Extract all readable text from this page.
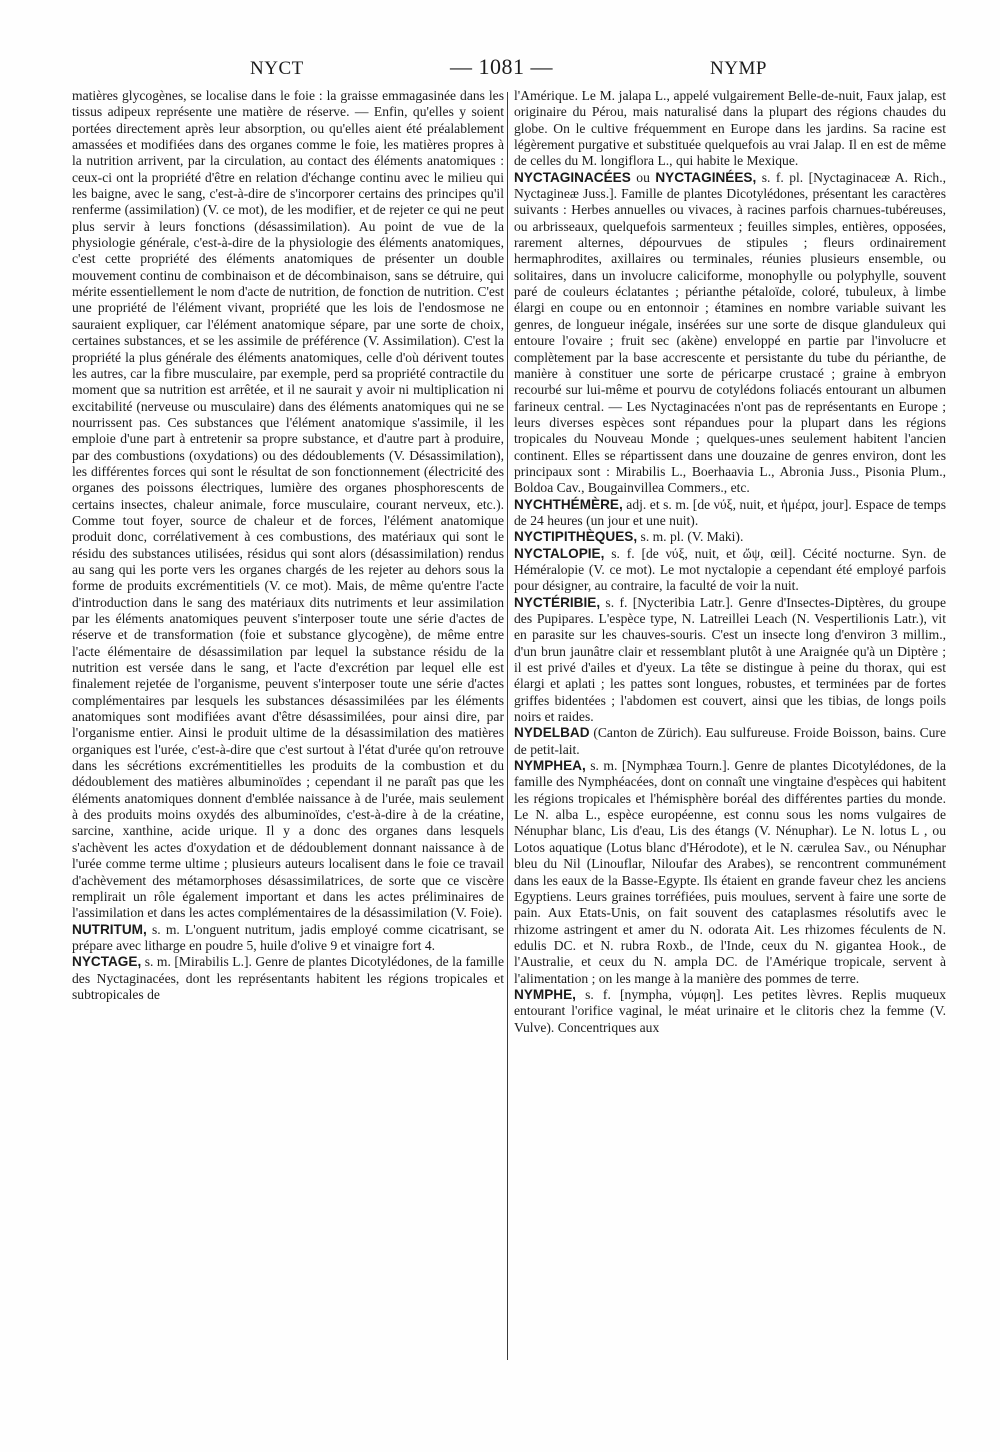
NYCT	— 1081 —	NYMP

matières glycogènes, se localise dans le foie : la graisse emmagasinée dans les tissus adipeux représente une matière de réserve. — Enfin, qu'elles y soient portées directement après leur absorption, ou qu'elles aient été préalablement amassées et modifiées dans des organes comme le foie, les matières propres à la nutrition arrivent, par la circulation, au contact des éléments anatomiques : ceux-ci ont la propriété d'être en relation d'échange continu avec le milieu qui les baigne, avec le sang, c'est-à-dire de s'incorporer certains des principes qu'il renferme (assimilation) (V. ce mot), de les modifier, et de rejeter ce qui ne peut plus servir à leurs fonctions (désassimilation). Au point de vue de la physiologie générale, c'est-à-dire de la physiologie des éléments anatomiques, c'est cette propriété des éléments anatomiques de présenter un double mouvement continu de combinaison et de décombinaison, sans se détruire, qui mérite essentiellement le nom d'acte de nutrition, de fonction de nutrition. C'est une propriété de l'élément vivant, propriété que les lois de l'endosmose ne sauraient expliquer, car l'élément anatomique sépare, par une sorte de choix, certaines substances, et se les assimile de préférence (V. Assimilation). C'est la propriété la plus générale des éléments anatomiques, celle d'où dérivent toutes les autres, car la fibre musculaire, par exemple, perd sa propriété contractile du moment que sa nutrition est arrêtée, et il ne saurait y avoir ni multiplication ni excitabilité (nerveuse ou musculaire) dans des éléments anatomiques qui ne se nourrissent pas. Ces substances que l'élément anatomique s'assimile, il les emploie d'une part à entretenir sa propre substance, et d'autre part à produire, par des combustions (oxydations) ou des dédoublements (V. Désassimilation), les différentes forces qui sont le résultat de son fonctionnement (électricité des organes des poissons électriques, lumière des organes phosphorescents de certains insectes, chaleur animale, force musculaire, courant nerveux, etc.). Comme tout foyer, source de chaleur et de forces, l'élément anatomique produit donc, corrélativement à ces combustions, des matériaux qui sont le résidu des substances utilisées, résidus qui sont alors (désassimilation) rendus au sang qui les porte vers les organes chargés de les rejeter au dehors sous la forme de produits excrémentitiels (V. ce mot). Mais, de même qu'entre l'acte d'introduction dans le sang des matériaux dits nutriments et leur assimilation par les éléments anatomiques peuvent s'interposer toute une série d'actes de réserve et de transformation (foie et substance glycogène), de même entre l'acte élémentaire de désassimilation par lequel la substance résidu de la nutrition est versée dans le sang, et l'acte d'excrétion par lequel elle est finalement rejetée de l'organisme, peuvent s'interposer toute une série d'actes complémentaires par lesquels les substances désassimilées par les éléments anatomiques sont modifiées avant d'être désassimilées, pour ainsi dire, par l'organisme entier. Ainsi le produit ultime de la désassimilation des matières organiques est l'urée, c'est-à-dire que c'est surtout à l'état d'urée qu'on retrouve dans les sécrétions excrémentitielles les produits de la combustion et du dédoublement des matières albuminoïdes ; cependant il ne paraît pas que les éléments anatomiques donnent d'emblée naissance à de l'urée, mais seulement à des produits moins oxydés des albuminoïdes, c'est-à-dire à de la créatine, sarcine, xanthine, acide urique. Il y a donc des organes dans lesquels s'achèvent les actes d'oxydation et de dédoublement donnant naissance à de l'urée comme terme ultime ; plusieurs auteurs localisent dans le foie ce travail d'achèvement des métamorphoses désassimilatrices, de sorte que ce viscère remplirait un rôle également important et dans les actes préliminaires de l'assimilation et dans les actes complémentaires de la désassimilation (V. Foie).

NUTRITUM, s. m. L'onguent nutritum, jadis employé comme cicatrisant, se prépare avec litharge en poudre 5, huile d'olive 9 et vinaigre fort 4.

NYCTAGE, s. m. [Mirabilis L.]. Genre de plantes Dicotylédones, de la famille des Nyctaginacées, dont les représentants habitent les régions tropicales et subtropicales de

l'Amérique. Le M. jalapa L., appelé vulgairement Belle-de-nuit, Faux jalap, est originaire du Pérou, mais naturalisé dans la plupart des régions chaudes du globe. On le cultive fréquemment en Europe dans les jardins. Sa racine est légèrement purgative et substituée quelquefois au vrai Jalap. Il en est de même de celles du M. longiflora L., qui habite le Mexique.

NYCTAGINACÉES ou NYCTAGINÉES, s. f. pl. [Nyctaginaceæ A. Rich., Nyctagineæ Juss.]. Famille de plantes Dicotylédones, présentant les caractères suivants : Herbes annuelles ou vivaces, à racines parfois charnues-tubéreuses, ou arbrisseaux, quelquefois sarmenteux ; feuilles simples, entières, opposées, rarement alternes, dépourvues de stipules ; fleurs ordinairement hermaphrodites, axillaires ou terminales, réunies plusieurs ensemble, ou solitaires, dans un involucre caliciforme, monophylle ou polyphylle, souvent paré de couleurs éclatantes ; périanthe pétaloïde, coloré, tubuleux, à limbe élargi en coupe ou en entonnoir ; étamines en nombre variable suivant les genres, de longueur inégale, insérées sur une sorte de disque glanduleux qui entoure l'ovaire ; fruit sec (akène) enveloppé en partie par l'involucre et complètement par la base accrescente et persistante du tube du périanthe, de manière à constituer une sorte de péricarpe crustacé ; graine à embryon recourbé sur lui-même et pourvu de cotylédons foliacés entourant un albumen farineux central. — Les Nyctaginacées n'ont pas de représentants en Europe ; leurs diverses espèces sont répandues pour la plupart dans les régions tropicales du Nouveau Monde ; quelques-unes seulement habitent l'ancien continent. Elles se répartissent dans une douzaine de genres environ, dont les principaux sont : Mirabilis L., Boerhaavia L., Abronia Juss., Pisonia Plum., Boldoa Cav., Bougainvillea Commers., etc.

NYCHTHÉMÈRE, adj. et s. m. [de νύξ, nuit, et ἡμέρα, jour]. Espace de temps de 24 heures (un jour et une nuit).

NYCTIPITHÈQUES, s. m. pl. (V. Maki).

NYCTALOPIE, s. f. [de νύξ, nuit, et ὤψ, œil]. Cécité nocturne. Syn. de Héméralopie (V. ce mot). Le mot nyctalopie a cependant été employé parfois pour désigner, au contraire, la faculté de voir la nuit.

NYCTÉRIBIE, s. f. [Nycteribia Latr.]. Genre d'Insectes-Diptères, du groupe des Pupipares. L'espèce type, N. Latreillei Leach (N. Vespertilionis Latr.), vit en parasite sur les chauves-souris. C'est un insecte long d'environ 3 millim., d'un brun jaunâtre clair et ressemblant plutôt à une Araignée qu'à un Diptère ; il est privé d'ailes et d'yeux. La tête se distingue à peine du thorax, qui est élargi et aplati ; les pattes sont longues, robustes, et terminées par de fortes griffes bidentées ; l'abdomen est couvert, ainsi que les tibias, de longs poils noirs et raides.

NYDELBAD (Canton de Zürich). Eau sulfureuse. Froide Boisson, bains. Cure de petit-lait.

NYMPHEA, s. m. [Nymphæa Tourn.]. Genre de plantes Dicotylédones, de la famille des Nymphéacées, dont on connaît une vingtaine d'espèces qui habitent les régions tropicales et l'hémisphère boréal des différentes parties du monde. Le N. alba L., espèce européenne, est connu sous les noms vulgaires de Nénuphar blanc, Lis d'eau, Lis des étangs (V. Nénuphar). Le N. lotus L , ou Lotos aquatique (Lotus blanc d'Hérodote), et le N. cærulea Sav., ou Nénuphar bleu du Nil (Linouflar, Niloufar des Arabes), se rencontrent communément dans les eaux de la Basse-Egypte. Ils étaient en grande faveur chez les anciens Egyptiens. Leurs graines torréfiées, puis moulues, servent à faire une sorte de pain. Aux Etats-Unis, on fait souvent des cataplasmes résolutifs avec le rhizome astringent et amer du N. odorata Ait. Les rhizomes féculents de N. edulis DC. et N. rubra Roxb., de l'Inde, ceux du N. gigantea Hook., de l'Australie, et ceux du N. ampla DC. de l'Amérique tropicale, servent à l'alimentation ; on les mange à la manière des pommes de terre.

NYMPHE, s. f. [nympha, νύμφη]. Les petites lèvres. Replis muqueux entourant l'orifice vaginal, le méat urinaire et le clitoris chez la femme (V. Vulve). Concentriques aux
